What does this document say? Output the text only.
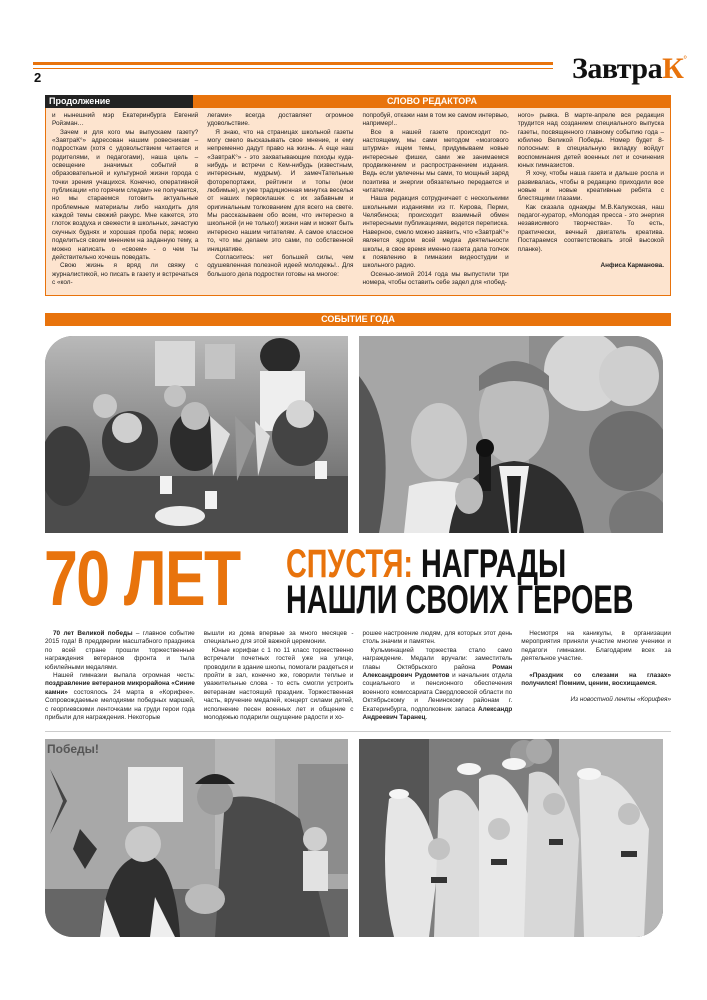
2	ЗавтраК°
Продолжение	СЛОВО РЕДАКТОРА

и нынешний мэр Екатеринбурга Евгений Ройзман…

Зачем и для кого мы выпускаем газету? «ЗавтраК°» адресован нашим ровесникам – подросткам (хотя с удовольствием читается и родителями, и педагогами), наша цель – освещение значимых событий в образовательной и культурной жизни города с точки зрения учащихся. Конечно, оперативной публикации «по горячим следам» не получается, но мы стараемся готовить актуальные проблемные материалы либо находить для каждой темы свежий ракурс. Мне кажется, это глоток воздуха и свежести в школьных, зачастую скучных буднях и хорошая проба пера; можно поделиться своим мнением на заданную тему, а можно написать о «своем» - о чем ты действительно хочешь поведать.

Свою жизнь я вряд ли свяжу с журналистикой, но писать в газету и встречаться с «кол-

легами» всегда доставляет огромное удовольствие.

Я знаю, что на страницах школьной газеты могу смело высказывать свое мнение, и ему непременно дадут право на жизнь. А еще наш «ЗавтраК°» - это захватывающие походы куда-нибудь и встречи с Кем-нибудь (известным, интересным, мудрым). И замечТательные фоторепортажи, рейтинги и топы (мои любимые), и уже традиционная минутка веселья от наших первоклашек с их забавным и оригинальным толкованием для всего на свете. Мы рассказываем обо всем, что интересно в школьной (и не только!) жизни нам и может быть интересно нашим читателям. А самое классное то, что мы делаем это сами, по собственной инициативе.

Согласитесь: нет большей силы, чем одушевленная полезной идеей молодежь!.. Для большого дела подростки готовы на многое:

попробуй, откажи нам в том же самом интервью, например!..

Все в нашей газете происходит по-настоящему, мы сами методом «мозгового штурма» ищем темы, придумываем новые интересные фишки, сами же занимаемся продвижением и распространением издания. Ведь если увлечены мы сами, то мощный заряд позитива и энергии обязательно передается и читателям.

Наша редакция сотрудничает с несколькими школьными изданиями из гг. Кирова, Перми, Челябинска; происходит взаимный обмен интересными публикациями, ведется переписка. Наверное, смело можно заявить, что «ЗавтраК°» является ядром всей медиа деятельности школы, в свое время именно газета дала толчок к появлению в гимназии видеостудии и школьного радио.

Осенью-зимой 2014 года мы выпустили три номера, чтобы оставить себе задел для «побед-

ного» рывка. В марте-апреле вся редакция трудится над созданием специального выпуска газеты, посвященного главному событию года – юбилею Великой Победы. Номер будет 8-полосным: в специальную вкладку войдут воспоминания детей военных лет и сочинения юных гимназистов.

Я хочу, чтобы наша газета и дальше росла и развивалась, чтобы в редакцию приходили все новые и новые креативные ребята с блестящими глазами.

Как сказала однажды М.В.Калужская, наш педагог-куратор, «Молодая пресса - это энергия независимого творчества». То есть, практически, вечный двигатель креатива. Постараемся соответствовать этой высокой планке).

Анфиса Карманова.
СОБЫТИЕ ГОДА
70 ЛЕТ СПУСТЯ: НАГРАДЫ
НАШЛИ СВОИХ ГЕРОЕВ

70 лет Великой победы – главное событие 2015 года! В преддверии масштабного праздника по всей стране прошли торжественные награждения ветеранов фронта и тыла юбилейными медалями.

Нашей гимназии выпала огромная честь: поздравление ветеранов микрорайона «Синие камни» состоялось 24 марта в «Корифее». Сопровождаемые мелодиями победных маршей, с георгиевскими ленточками на груди герои года прибыли для награждения. Некоторые

вышли из дома впервые за много месяцев - специально для этой важной церемонии.

Юные корифаи с 1 по 11 класс торжественно встречали почетных гостей уже на улице, проводили в здание школы, помогали раздеться и пройти в зал, конечно же, говорили теплые и уважительные слова - то есть смогли устроить ветеранам настоящий праздник. Торжественная часть, вручение медалей, концерт силами детей, исполнение песен военных лет и общение с молодежью подарили ощущение радости и хо-

рошее настроение людям, для которых этот день столь значим и памятен.

Кульминацией торжества стало само награждение. Медали вручали: заместитель главы Октябрьского района Роман Александрович Рудометов и начальник отдела социального и пенсионного обеспечения военного комиссариата Свердловской области по Октябрьскому и Ленинскому районам г. Екатеринбурга, подполковник запаса Александр Андреевич Таранец.

Несмотря на каникулы, в организации мероприятия приняли участие многие ученики и педагоги гимназии. Благодарим всех за деятельное участие.

«Праздник со слезами на глазах» получился! Помним, ценим, восхищаемся.

Из новостной ленты «Корифея»
Победы!
